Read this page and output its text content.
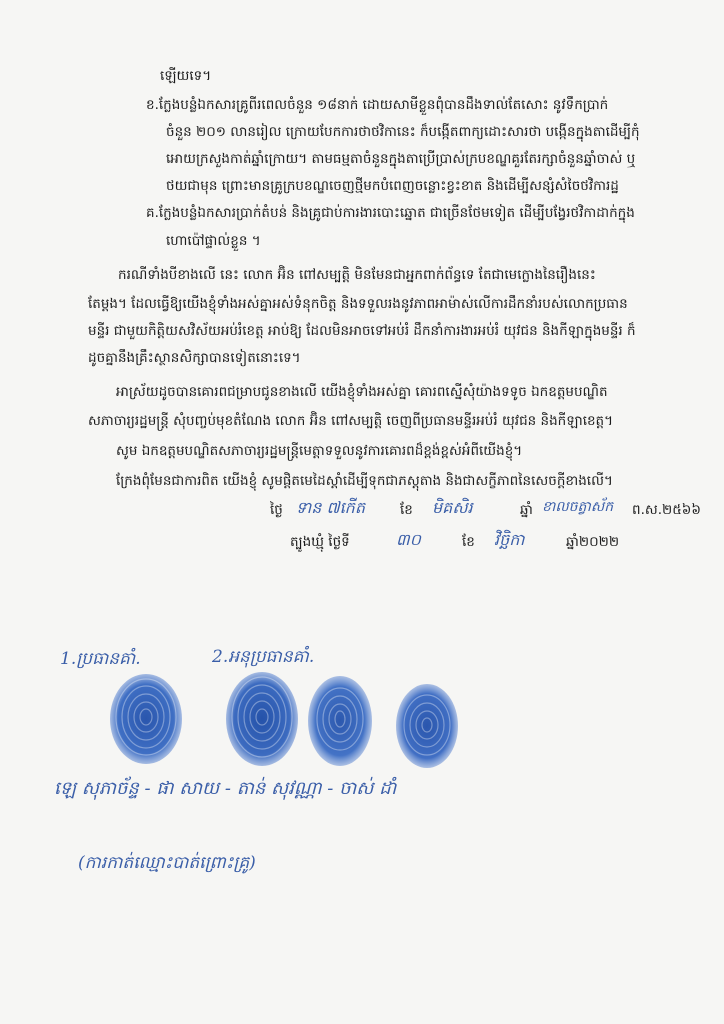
ឡើយទេ។
ខ.ក្លែងបន្លំឯកសារគ្រូពីរពេលចំនួន ១៨នាក់ ដោយសាមីខ្លួនពុំបានដឹងទាល់តែសោះ នូវទឹកប្រាក់
ចំនួន ២០១ លានរៀល ក្រោយបែកការថាថវិកានេះ ក៏បង្កើតពាក្យដោះសារថា បង្កើនក្នុងតាដើម្បីកុំ
អោយក្រសួងកាត់ឆ្នាំក្រោយ។ តាមធម្មតាចំនួនក្នុងតាប្រើប្រាស់ក្របខណ្ឌគួរតែរក្សាចំនួនឆ្នាំចាស់ ឬ
ថយជាមុន ព្រោះមានគ្រូក្របខណ្ឌចេញថ្មីមកបំពេញចន្លោះខ្វះខាត និងដើម្បីសន្សំសំចៃថវិការដ្ឋ
គ.ក្លែងបន្លំឯកសារប្រាក់តំបន់ និងគ្រូជាប់ការងារបោះឆ្នោត ជាច្រើនថែមទៀត ដើម្បីបង្វែរថវិកាដាក់ក្នុង
ហោប៉ៅផ្ទាល់ខ្លួន ។
ករណីទាំងបីខាងលើ នេះ លោក អ៊ិន ពៅសម្បត្តិ មិនមែនជាអ្នកពាក់ព័ន្ធទេ តែជាមេក្លោងនៃរឿងនេះ
តែម្តង។ ដែលធ្វើឱ្យយើងខ្ញុំទាំងអស់គ្នាអស់ទំនុកចិត្ត និងទទួលរងនូវភាពអាម៉ាស់លើការដឹកនាំរបស់លោកប្រធាន
មន្ទីរ ជាមួយកិត្តិយសវិស័យអប់រំខេត្ត អាប់ឱ្យ ដែលមិនអាចទៅអប់រំ ដឹកនាំការងារអប់រំ យុវជន និងកីឡាក្នុងមន្ទីរ ក៏
ដូចគ្នានឹងគ្រឹះស្ថានសិក្សាបានទៀតនោះទេ។
អាស្រ័យដូចបានគោរពជម្រាបជូនខាងលើ យើងខ្ញុំទាំងអស់គ្នា គោរពស្នើសុំយ៉ាងទទូច ឯកឧត្តមបណ្ឌិត
សភាចារ្យរដ្ឋមន្ត្រី សុំបញ្ចប់មុខតំណែង លោក អ៊ិន ពៅសម្បត្តិ ចេញពីប្រធានមន្ទីរអប់រំ យុវជន និងកីឡាខេត្ត។
សូម ឯកឧត្តមបណ្ឌិតសភាចារ្យរដ្ឋមន្ត្រីមេត្តាទទួលនូវការគោរពដ៏ខ្ពង់ខ្ពស់អំពីយើងខ្ញុំ។
ក្រែងពុំមែនជាការពិត យើងខ្ញុំ សូមផ្តិតមេដៃស្តាំដើម្បីទុកជាភស្តុតាង និងជាសក្ខីភាពនៃសេចក្តីខាងលើ។
ថ្ងៃ ទាន ៧កើត	ខែ មិគសិរ	ឆ្នាំ ខាលចត្វាស័ក ព.ស.២៥៦៦
ត្បូងឃ្មុំ ថ្ងៃទី	៣០	ខែ វិច្ឆិកា	ឆ្នាំ២០២២
1.ប្រធានគាំ.	2.អនុប្រធានគាំ.
ឡេ សុភាច័ន្ទ - ផា សាយ - តាន់ សុវណ្ណា - ចាស់ ដាំ
(ការកាត់ឈ្មោះបាត់ព្រោះគ្រូ)
